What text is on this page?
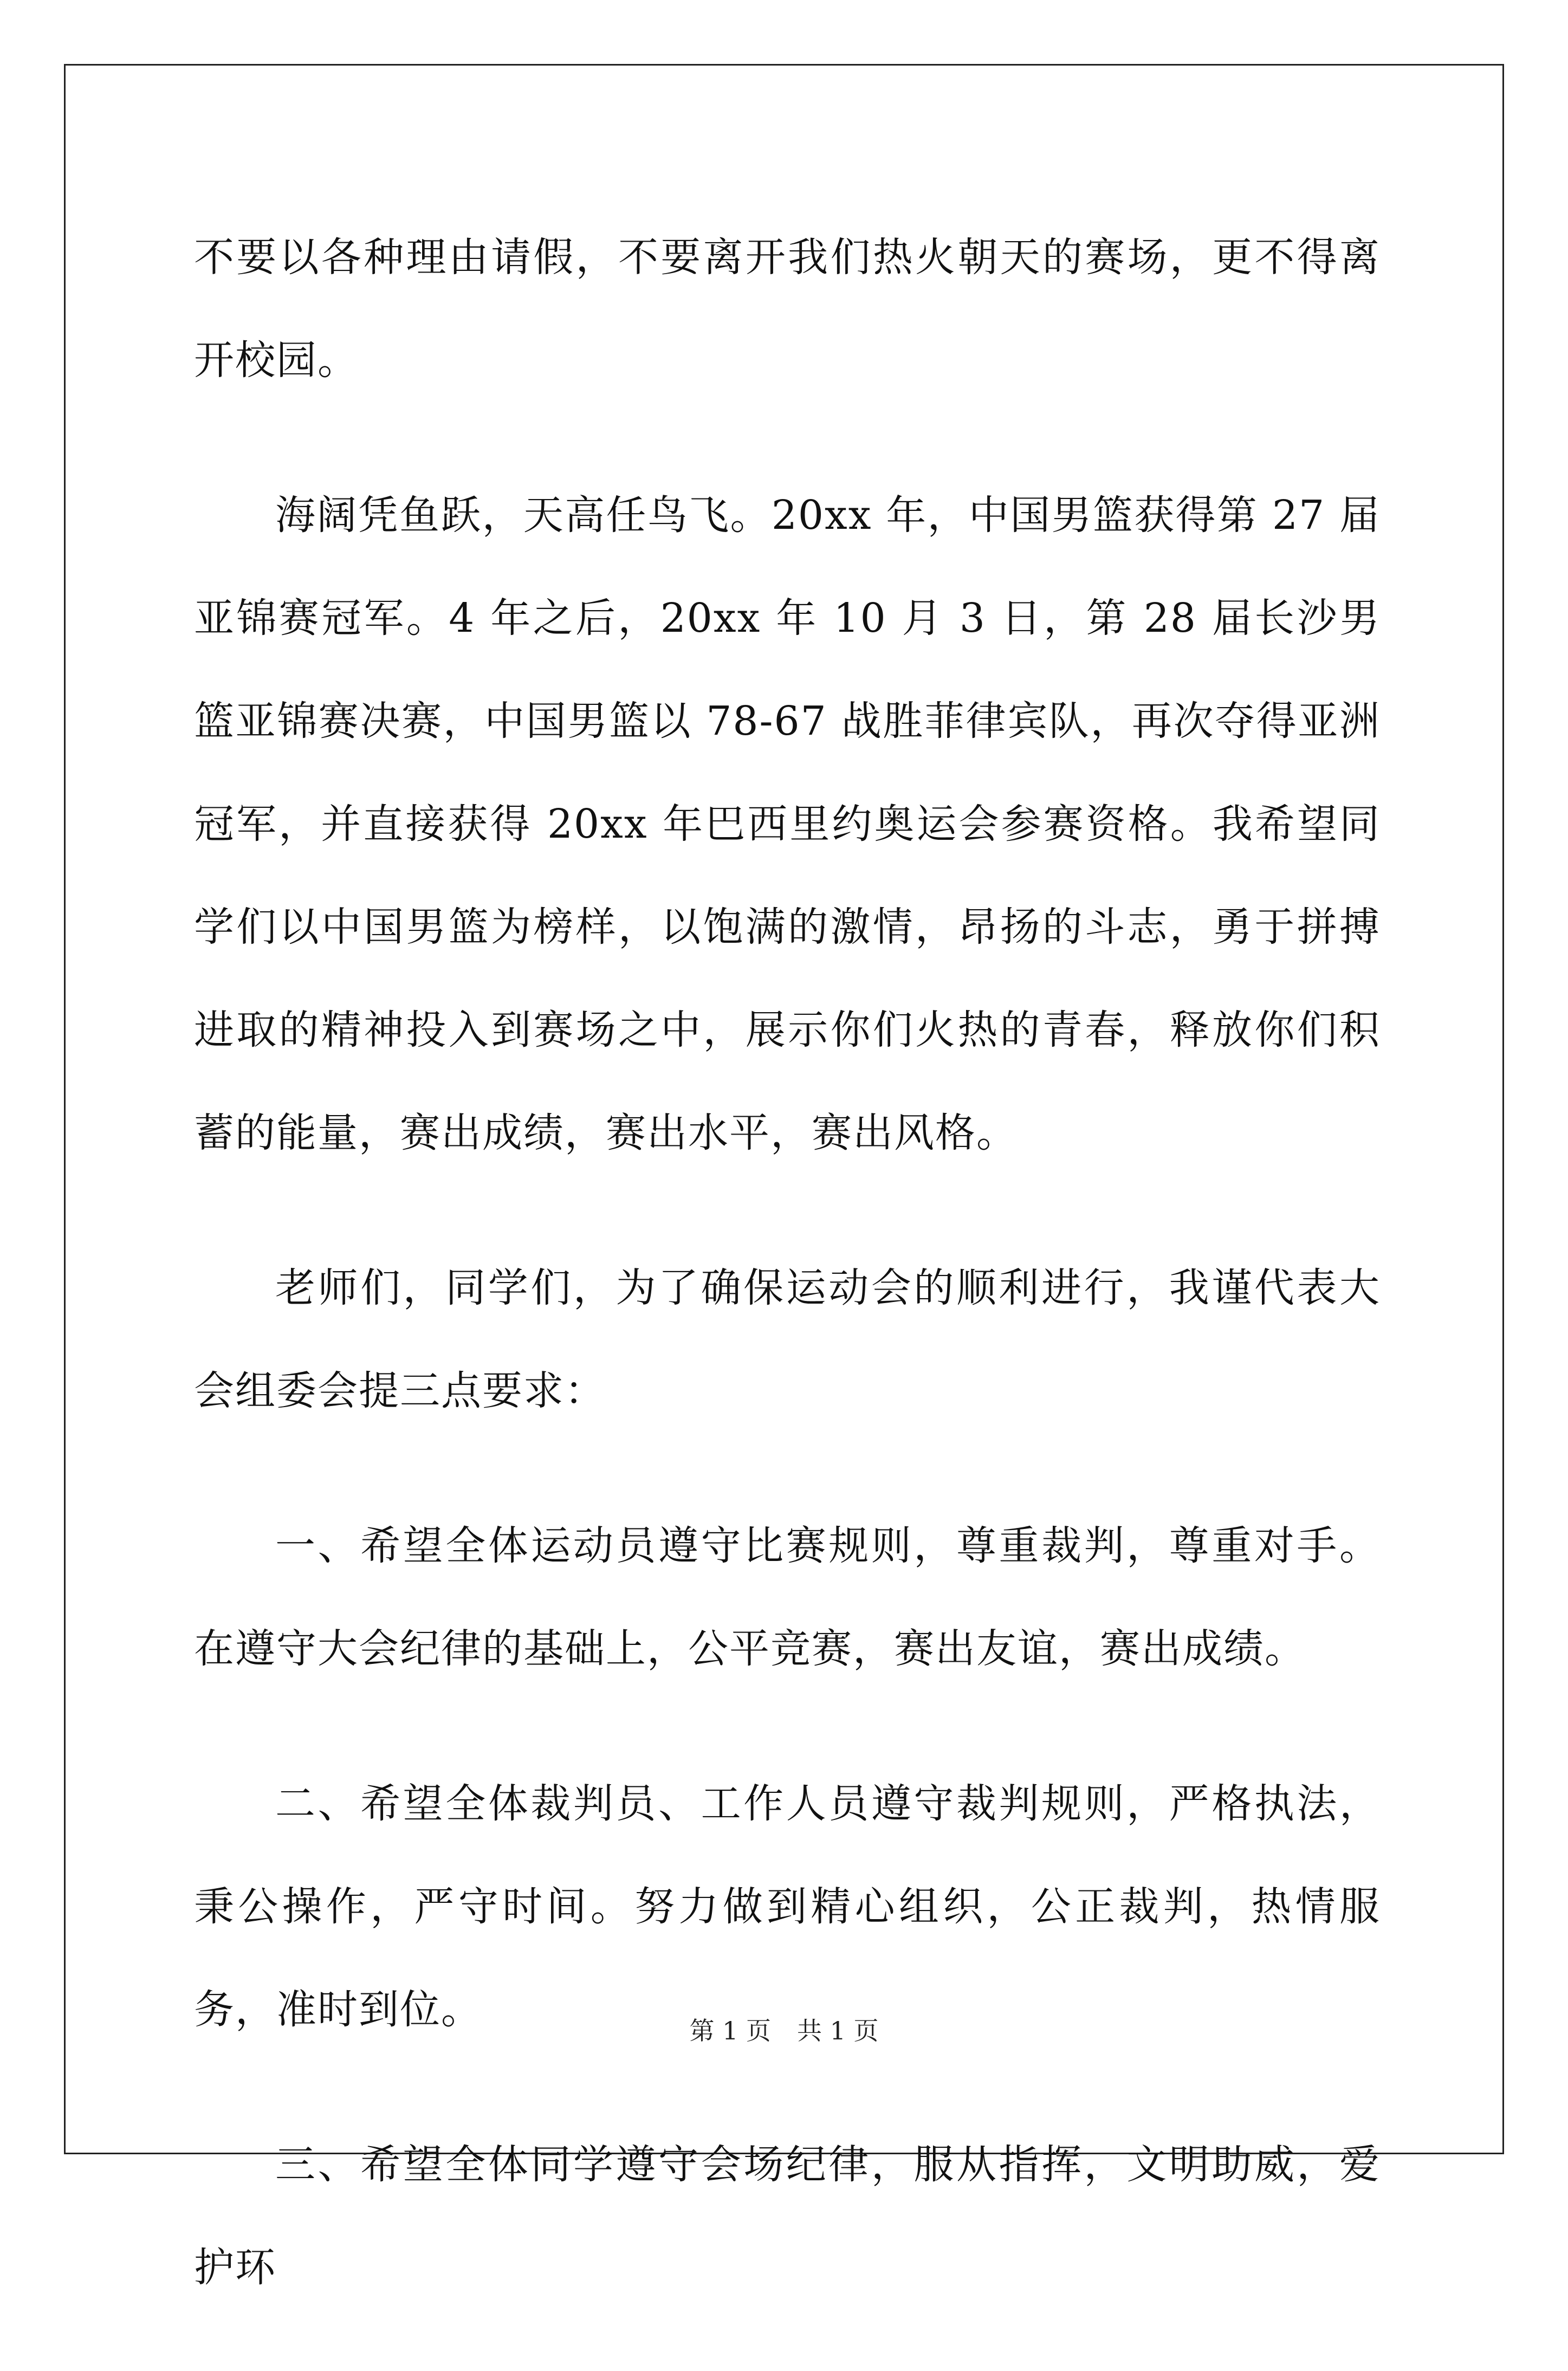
不要以各种理由请假，不要离开我们热火朝天的赛场，更不得离开校园。

海阔凭鱼跃，天高任鸟飞。20xx 年，中国男篮获得第 27 届亚锦赛冠军。4 年之后，20xx 年 10 月 3 日，第 28 届长沙男篮亚锦赛决赛，中国男篮以 78-67 战胜菲律宾队，再次夺得亚洲冠军，并直接获得 20xx 年巴西里约奥运会参赛资格。我希望同学们以中国男篮为榜样，以饱满的激情，昂扬的斗志，勇于拼搏进取的精神投入到赛场之中，展示你们火热的青春，释放你们积蓄的能量，赛出成绩，赛出水平，赛出风格。

老师们，同学们，为了确保运动会的顺利进行，我谨代表大会组委会提三点要求：

一、希望全体运动员遵守比赛规则，尊重裁判，尊重对手。在遵守大会纪律的基础上，公平竞赛，赛出友谊，赛出成绩。

二、希望全体裁判员、工作人员遵守裁判规则，严格执法，秉公操作，严守时间。努力做到精心组织，公正裁判，热情服务，准时到位。

三、希望全体同学遵守会场纪律，服从指挥，文明助威，爱护环

第 1 页 共 1 页
